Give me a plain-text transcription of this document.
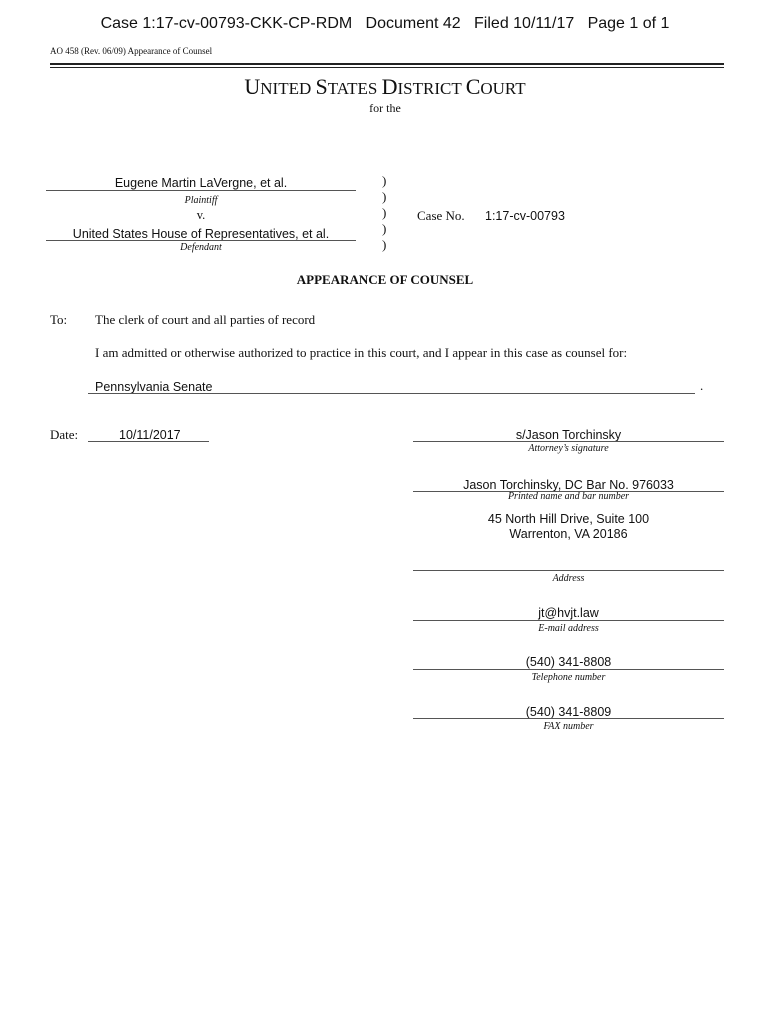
Case 1:17-cv-00793-CKK-CP-RDM   Document 42   Filed 10/11/17   Page 1 of 1
AO 458 (Rev. 06/09) Appearance of Counsel
UNITED STATES DISTRICT COURT
for the
Eugene Martin LaVergne, et al.
Plaintiff
v.
United States House of Representatives, et al.
Defendant
)
)
)
)
)
Case No. 1:17-cv-00793
APPEARANCE OF COUNSEL
To: The clerk of court and all parties of record
I am admitted or otherwise authorized to practice in this court, and I appear in this case as counsel for:
Pennsylvania Senate	.
Date:	10/11/2017	s/Jason Torchinsky
Attorney’s signature
Jason Torchinsky, DC Bar No. 976033
Printed name and bar number
45 North Hill Drive, Suite 100
Warrenton, VA 20186
Address
jt@hvjt.law
E-mail address
(540) 341-8808
Telephone number
(540) 341-8809
FAX number
